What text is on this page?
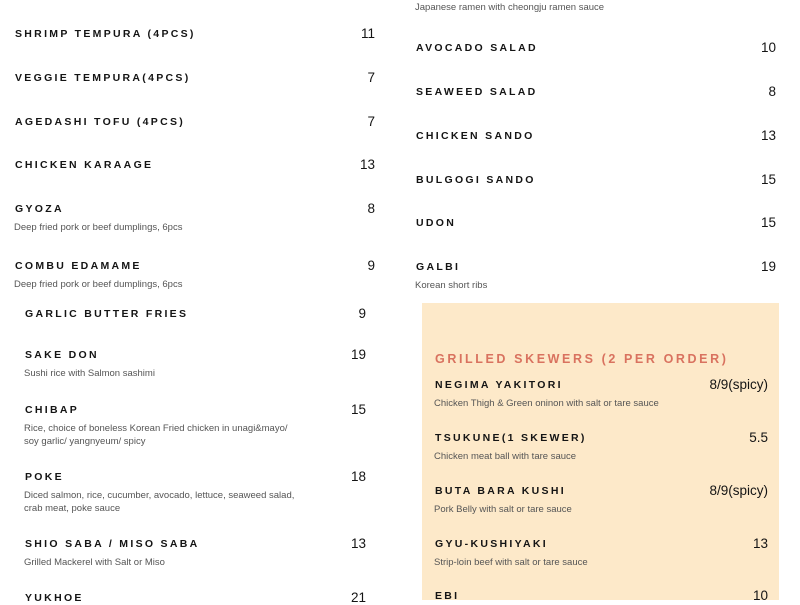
Japanese ramen with cheongju ramen sauce
SHRIMP TEMPURA (4PCS)	11
VEGGIE TEMPURA(4PCS)	7
AGEDASHI TOFU (4PCS)	7
CHICKEN KARAAGE	13
GYOZA	8
Deep fried pork or beef dumplings, 6pcs
COMBU EDAMAME	9
Deep fried pork or beef dumplings, 6pcs
GARLIC BUTTER FRIES	9
SAKE DON	19
Sushi rice with Salmon sashimi
CHIBAP	15
Rice, choice of boneless Korean Fried chicken in unagi&mayo/
soy garlic/ yangnyeum/ spicy
POKE	18
Diced salmon, rice, cucumber, avocado, lettuce, seaweed salad,
crab meat, poke sauce
SHIO SABA / MISO SABA	13
Grilled Mackerel with Salt or Miso
YUKHOE	21
AVOCADO SALAD	10
SEAWEED SALAD	8
CHICKEN SANDO	13
BULGOGI SANDO	15
UDON	15
GALBI	19
Korean short ribs
GRILLED SKEWERS (2 PER ORDER)
NEGIMA YAKITORI	8/9(spicy)
Chicken Thigh & Green oninon with salt or tare sauce
TSUKUNE(1 SKEWER)	5.5
Chicken meat ball with tare sauce
BUTA BARA KUSHI	8/9(spicy)
Pork Belly with salt or tare sauce
GYU-KUSHIYAKI	13
Strip-loin beef with salt or tare sauce
EBI	10
